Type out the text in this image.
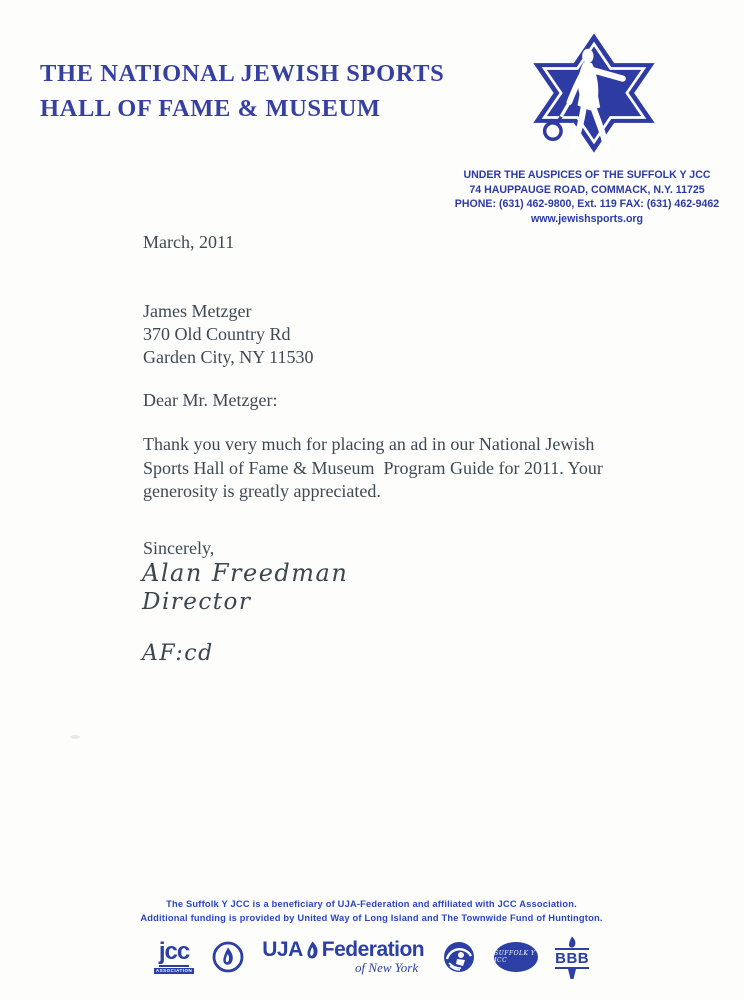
THE NATIONAL JEWISH SPORTS
HALL OF FAME & MUSEUM
UNDER THE AUSPICES OF THE SUFFOLK Y JCC
74 HAUPPAUGE ROAD, COMMACK, N.Y. 11725
PHONE: (631) 462-9800, Ext. 119 FAX: (631) 462-9462
www.jewishsports.org
March, 2011
James Metzger
370 Old Country Rd
Garden City, NY 11530
Dear Mr. Metzger:
Thank you very much for placing an ad in our National Jewish
Sports Hall of Fame & Museum  Program Guide for 2011. Your
generosity is greatly appreciated.
Sincerely,
Alan Freedman
Director
AF:cd
The Suffolk Y JCC is a beneficiary of UJA-Federation and affiliated with JCC Association.
Additional funding is provided by United Way of Long Island and The Townwide Fund of Huntington.
jcc
ASSOCIATION
UJA Federation
of New York
SUFFOLK Y JCC	BBB
